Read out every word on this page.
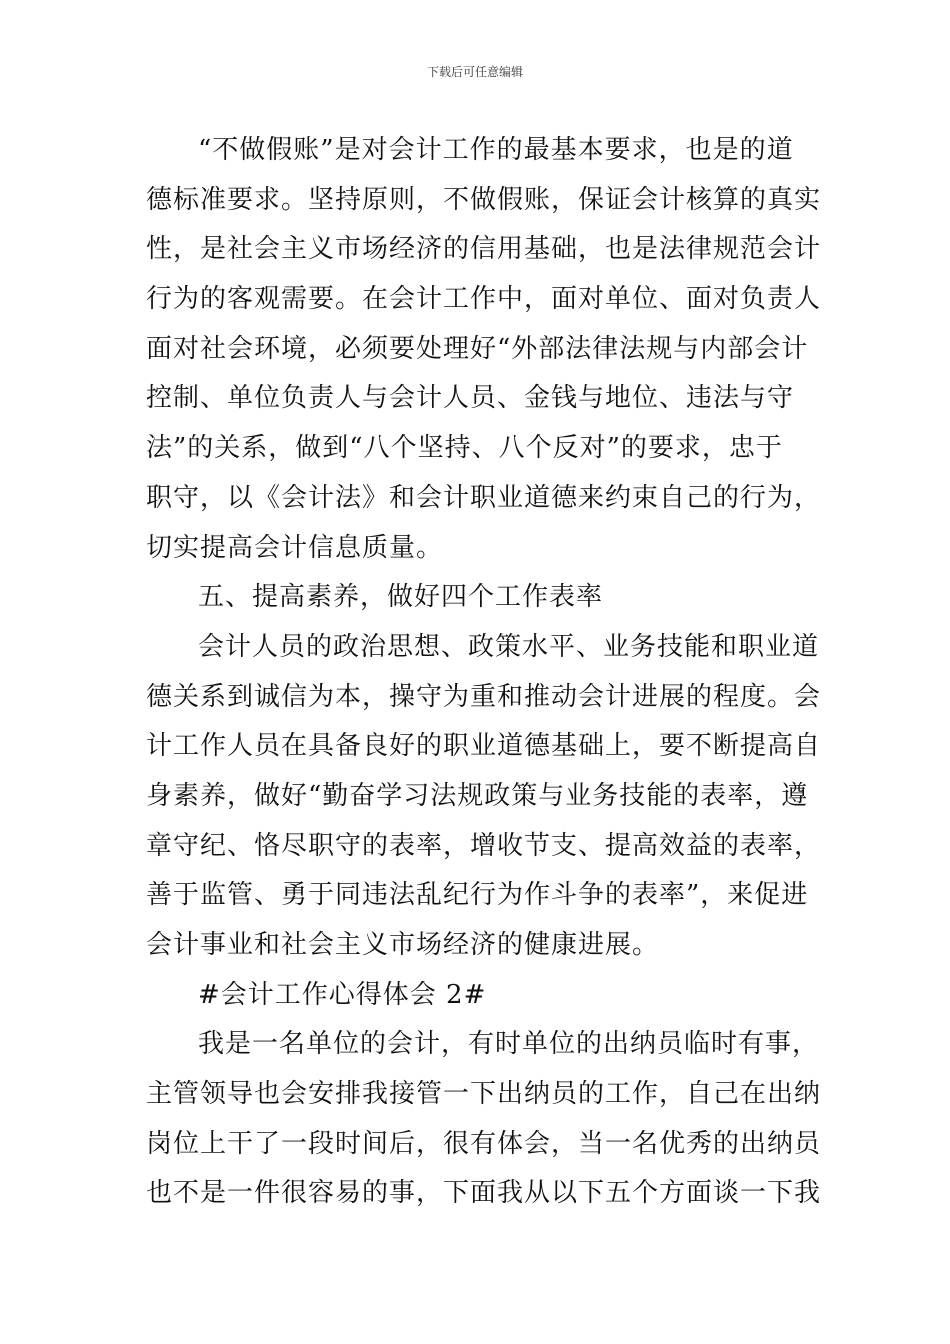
下载后可任意编辑
“不做假账”是对会计工作的最基本要求，也是的道
德标准要求。坚持原则，不做假账，保证会计核算的真实
性，是社会主义市场经济的信用基础，也是法律规范会计
行为的客观需要。在会计工作中，面对单位、面对负责人
面对社会环境，必须要处理好“外部法律法规与内部会计
控制、单位负责人与会计人员、金钱与地位、违法与守
法”的关系，做到“八个坚持、八个反对”的要求，忠于
职守，以《会计法》和会计职业道德来约束自己的行为，
切实提高会计信息质量。
五、提高素养，做好四个工作表率
会计人员的政治思想、政策水平、业务技能和职业道
德关系到诚信为本，操守为重和推动会计进展的程度。会
计工作人员在具备良好的职业道德基础上，要不断提高自
身素养，做好“勤奋学习法规政策与业务技能的表率，遵
章守纪、恪尽职守的表率，增收节支、提高效益的表率，
善于监管、勇于同违法乱纪行为作斗争的表率”，来促进
会计事业和社会主义市场经济的健康进展。
#会计工作心得体会 2#
我是一名单位的会计，有时单位的出纳员临时有事，
主管领导也会安排我接管一下出纳员的工作，自己在出纳
岗位上干了一段时间后，很有体会，当一名优秀的出纳员
也不是一件很容易的事，下面我从以下五个方面谈一下我
